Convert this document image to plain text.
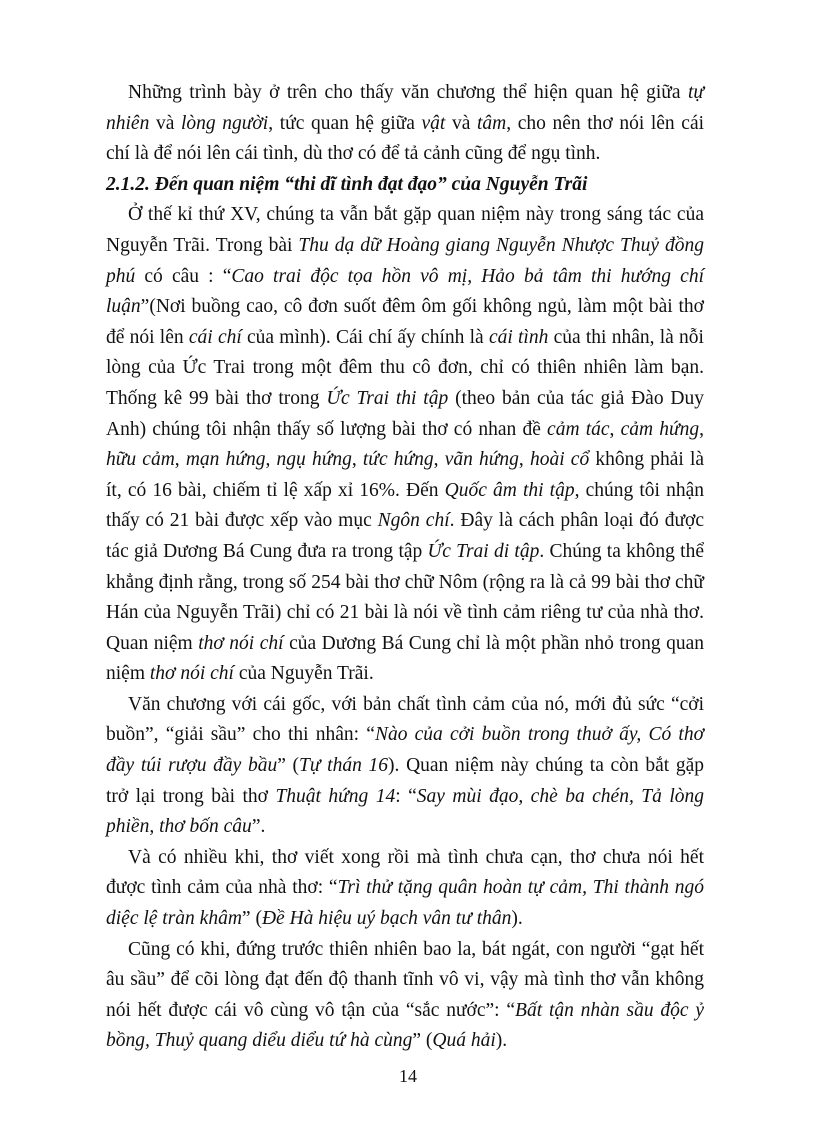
Những trình bày ở trên cho thấy văn chương thể hiện quan hệ giữa tự nhiên và lòng người, tức quan hệ giữa vật và tâm, cho nên thơ nói lên cái chí là để nói lên cái tình, dù thơ có để tả cảnh cũng để ngụ tình.

2.1.2. Đến quan niệm “thi dĩ tình đạt đạo” của Nguyễn Trãi

Ở thế kỉ thứ XV, chúng ta vẫn bắt gặp quan niệm này trong sáng tác của Nguyễn Trãi. Trong bài Thu dạ dữ Hoàng giang Nguyễn Nhược Thuỷ đồng phú có câu : “Cao trai độc tọa hồn vô mị, Hảo bả tâm thi hướng chí luận”(Nơi buồng cao, cô đơn suốt đêm ôm gối không ngủ, làm một bài thơ để nói lên cái chí của mình). Cái chí ấy chính là cái tình của thi nhân, là nỗi lòng của Ức Trai trong một đêm thu cô đơn, chỉ có thiên nhiên làm bạn. Thống kê 99 bài thơ trong Ức Trai thi tập (theo bản của tác giả Đào Duy Anh) chúng tôi nhận thấy số lượng bài thơ có nhan đề cảm tác, cảm hứng, hữu cảm, mạn hứng, ngụ hứng, tức hứng, vãn hứng, hoài cổ không phải là ít, có 16 bài, chiếm tỉ lệ xấp xỉ 16%. Đến Quốc âm thi tập, chúng tôi nhận thấy có 21 bài được xếp vào mục Ngôn chí. Đây là cách phân loại đó được tác giả Dương Bá Cung đưa ra trong tập Ức Trai di tập. Chúng ta không thể khẳng định rằng, trong số 254 bài thơ chữ Nôm (rộng ra là cả 99 bài thơ chữ Hán của Nguyễn Trãi) chỉ có 21 bài là nói về tình cảm riêng tư của nhà thơ. Quan niệm thơ nói chí của Dương Bá Cung chỉ là một phần nhỏ trong quan niệm thơ nói chí của Nguyễn Trãi.

Văn chương với cái gốc, với bản chất tình cảm của nó, mới đủ sức “cởi buồn”, “giải sầu” cho thi nhân: “Nào của cởi buồn trong thuở ấy, Có thơ đầy túi rượu đầy bầu” (Tự thán 16). Quan niệm này chúng ta còn bắt gặp trở lại trong bài thơ Thuật hứng 14: “Say mùi đạo, chè ba chén, Tả lòng phiền, thơ bốn câu”.

Và có nhiều khi, thơ viết xong rồi mà tình chưa cạn, thơ chưa nói hết được tình cảm của nhà thơ: “Trì thử tặng quân hoàn tự cảm, Thi thành ngó diệc lệ tràn khâm” (Đề Hà hiệu uý bạch vân tư thân).

Cũng có khi, đứng trước thiên nhiên bao la, bát ngát, con người “gạt hết âu sầu” để cõi lòng đạt đến độ thanh tĩnh vô vi, vậy mà tình thơ vẫn không nói hết được cái vô cùng vô tận của “sắc nước”: “Bất tận nhàn sầu độc ỷ bồng, Thuỷ quang diểu diểu tứ hà cùng” (Quá hải).

14
